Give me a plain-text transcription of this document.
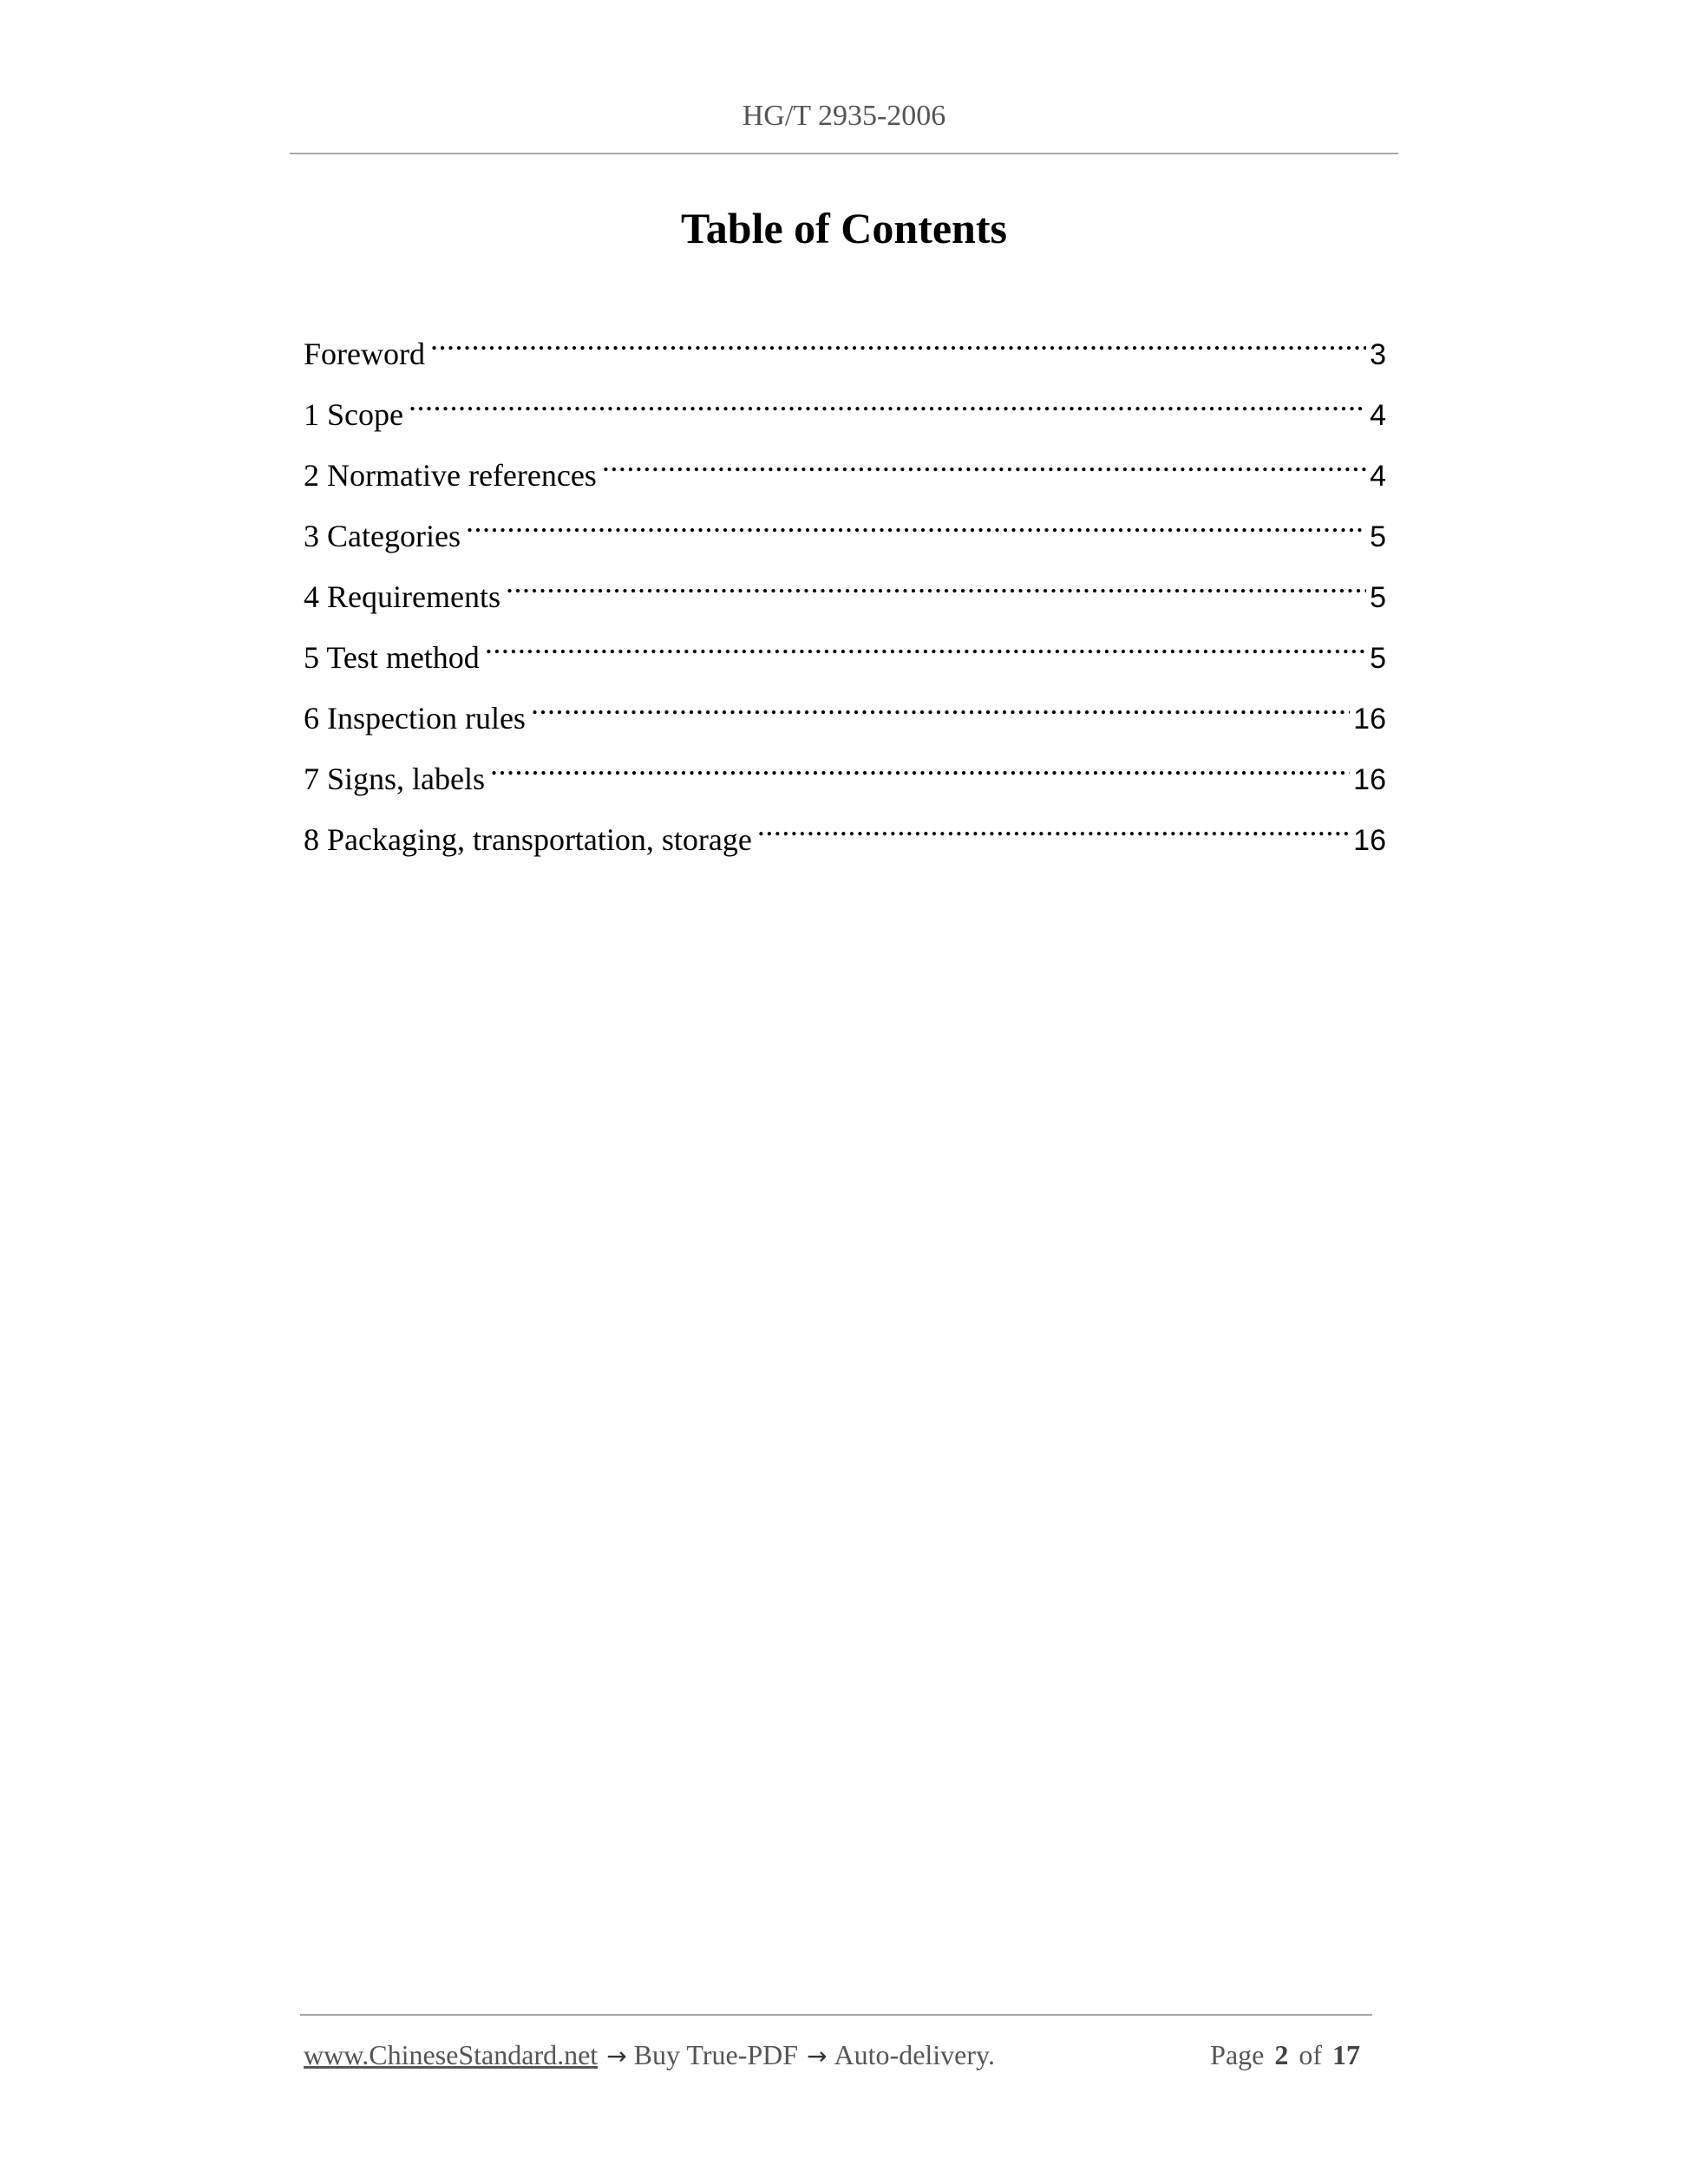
HG/T 2935-2006
Table of Contents
Foreword .....	3
1 Scope .....	4
2 Normative references .....	4
3 Categories .....	5
4 Requirements .....	5
5 Test method .....	5
6 Inspection rules .....	16
7 Signs, labels .....	16
8 Packaging, transportation, storage .....	16
www.ChineseStandard.net → Buy True-PDF → Auto-delivery.	Page 2 of 17
